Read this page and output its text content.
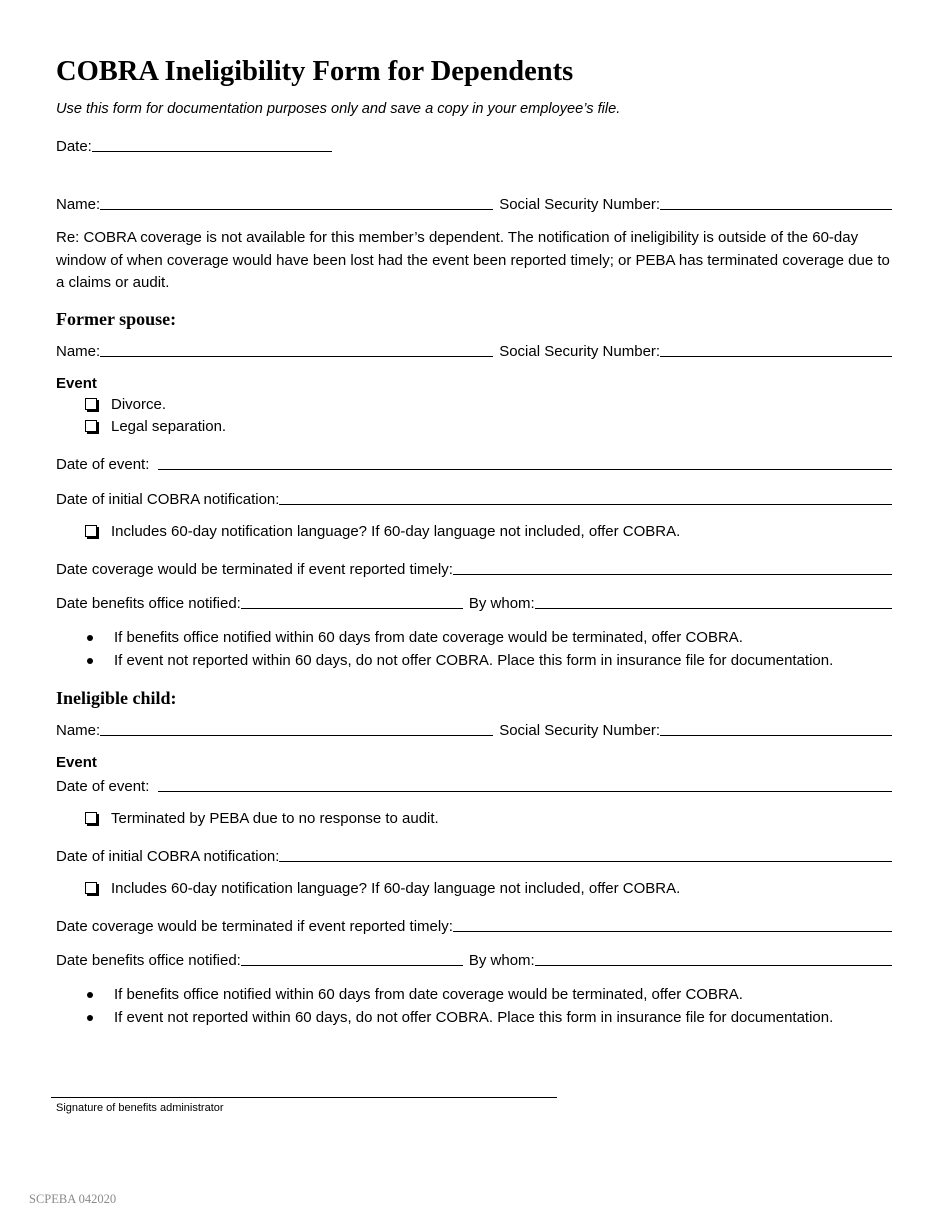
COBRA Ineligibility Form for Dependents
Use this form for documentation purposes only and save a copy in your employee’s file.
Date:
Name:	Social Security Number:
Re: COBRA coverage is not available for this member’s dependent. The notification of ineligibility is outside of the 60-day window of when coverage would have been lost had the event been reported timely; or PEBA has terminated coverage due to a claims or audit.
Former spouse:
Name:	Social Security Number:
Event
Divorce.
Legal separation.
Date of event:
Date of initial COBRA notification:
Includes 60-day notification language? If 60-day language not included, offer COBRA.
Date coverage would be terminated if event reported timely:
Date benefits office notified:	By whom:
If benefits office notified within 60 days from date coverage would be terminated, offer COBRA.
If event not reported within 60 days, do not offer COBRA. Place this form in insurance file for documentation.
Ineligible child:
Name:	Social Security Number:
Event
Date of event:
Terminated by PEBA due to no response to audit.
Date of initial COBRA notification:
Includes 60-day notification language? If 60-day language not included, offer COBRA.
Date coverage would be terminated if event reported timely:
Date benefits office notified:	By whom:
If benefits office notified within 60 days from date coverage would be terminated, offer COBRA.
If event not reported within 60 days, do not offer COBRA. Place this form in insurance file for documentation.
Signature of benefits administrator
SCPEBA 042020
